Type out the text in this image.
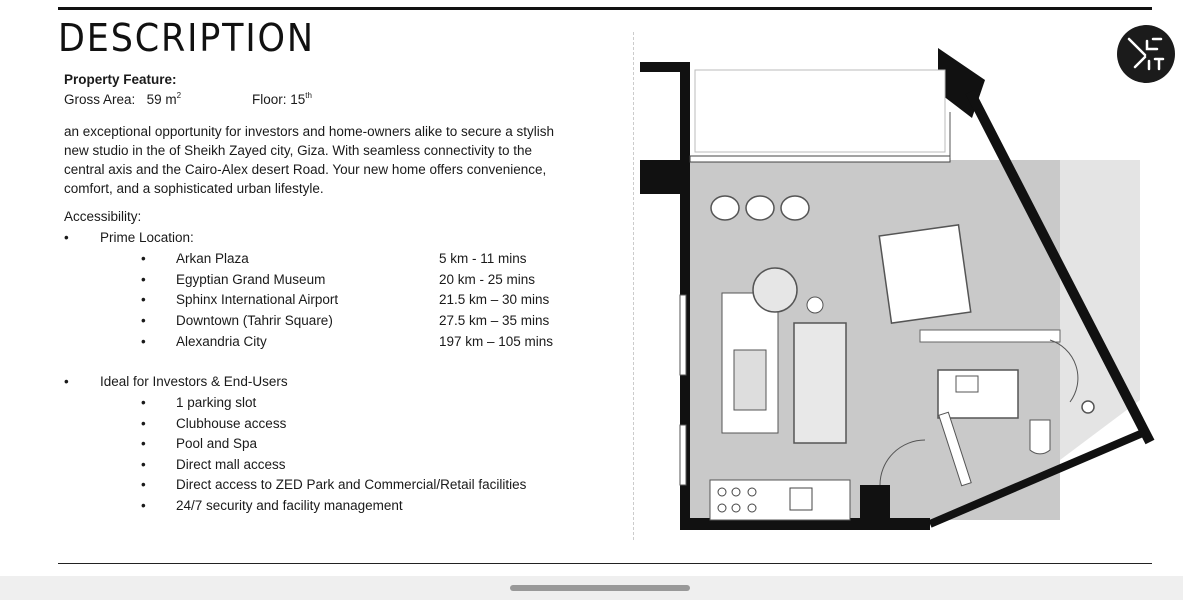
DESCRIPTION
Property Feature:
Gross Area: 59 $m^2$	Floor: 15th

an exceptional opportunity for investors and home-owners alike to secure a stylish

new studio in the of Sheikh Zayed city, Giza. With seamless connectivity to the

central axis and the Cairo-Alex desert Road. Your new home offers convenience,

comfort, and a sophisticated urban lifestyle.

Accessibility:
• Prime Location:
• Arkan Plaza	5 km - 11 mins
• Egyptian Grand Museum	20 km - 25 mins
• Sphinx International Airport	21.5 km – 30 mins
• Downtown (Tahrir Square)	27.5 km – 35 mins
• Alexandria City	197 km – 105 mins
• Ideal for Investors & End-Users
• 1 parking slot
• Clubhouse access
• Pool and Spa
• Direct mall access
• Direct access to ZED Park and Commercial/Retail facilities
• 24/7 security and facility management
